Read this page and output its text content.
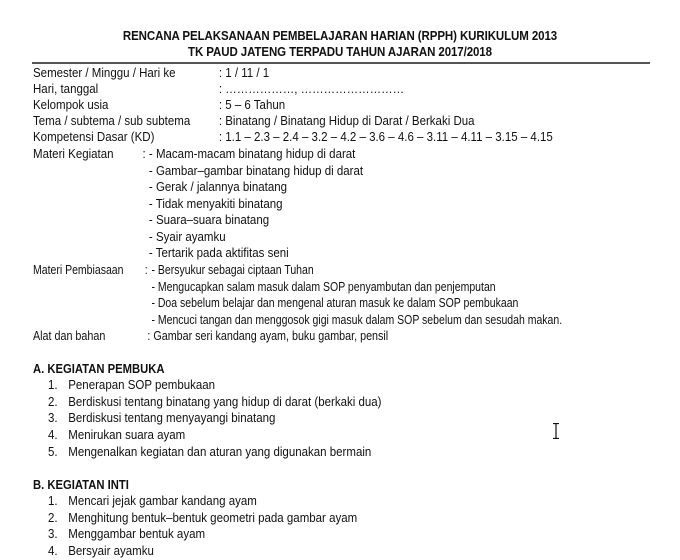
RENCANA PELAKSANAAN PEMBELAJARAN HARIAN (RPPH) KURIKULUM 2013
TK PAUD JATENG TERPADU TAHUN AJARAN 2017/2018
Semester / Minggu / Hari ke	: 1 / 11 / 1
Hari, tanggal	: ………………, ………………………
Kelompok usia	: 5 – 6 Tahun
Tema / subtema / sub subtema : Binatang / Binatang Hidup di Darat / Berkaki Dua
Kompetensi Dasar (KD)	: 1.1 – 2.3 – 2.4 – 3.2 – 4.2 – 3.6 – 4.6 – 3.11 – 4.11 – 3.15 – 4.15
Materi Kegiatan : - Macam-macam binatang hidup di darat
- Gambar–gambar binatang hidup di darat
- Gerak / jalannya binatang
- Tidak menyakiti binatang
- Suara–suara binatang
- Syair ayamku
- Tertarik pada aktifitas seni
Materi Pembiasaan : - Bersyukur sebagai ciptaan Tuhan
- Mengucapkan salam masuk dalam SOP penyambutan dan penjemputan
- Doa sebelum belajar dan mengenal aturan masuk ke dalam SOP pembukaan
- Mencuci tangan dan menggosok gigi masuk dalam SOP sebelum dan sesudah makan.
Alat dan bahan	: Gambar seri kandang ayam, buku gambar, pensil
A. KEGIATAN PEMBUKA
1. Penerapan SOP pembukaan
2. Berdiskusi tentang binatang yang hidup di darat (berkaki dua)
3. Berdiskusi tentang menyayangi binatang
4. Menirukan suara ayam
5. Mengenalkan kegiatan dan aturan yang digunakan bermain
B. KEGIATAN INTI
1. Mencari jejak gambar kandang ayam
2. Menghitung bentuk–bentuk geometri pada gambar ayam
3. Menggambar bentuk ayam
4. Bersyair ayamku
